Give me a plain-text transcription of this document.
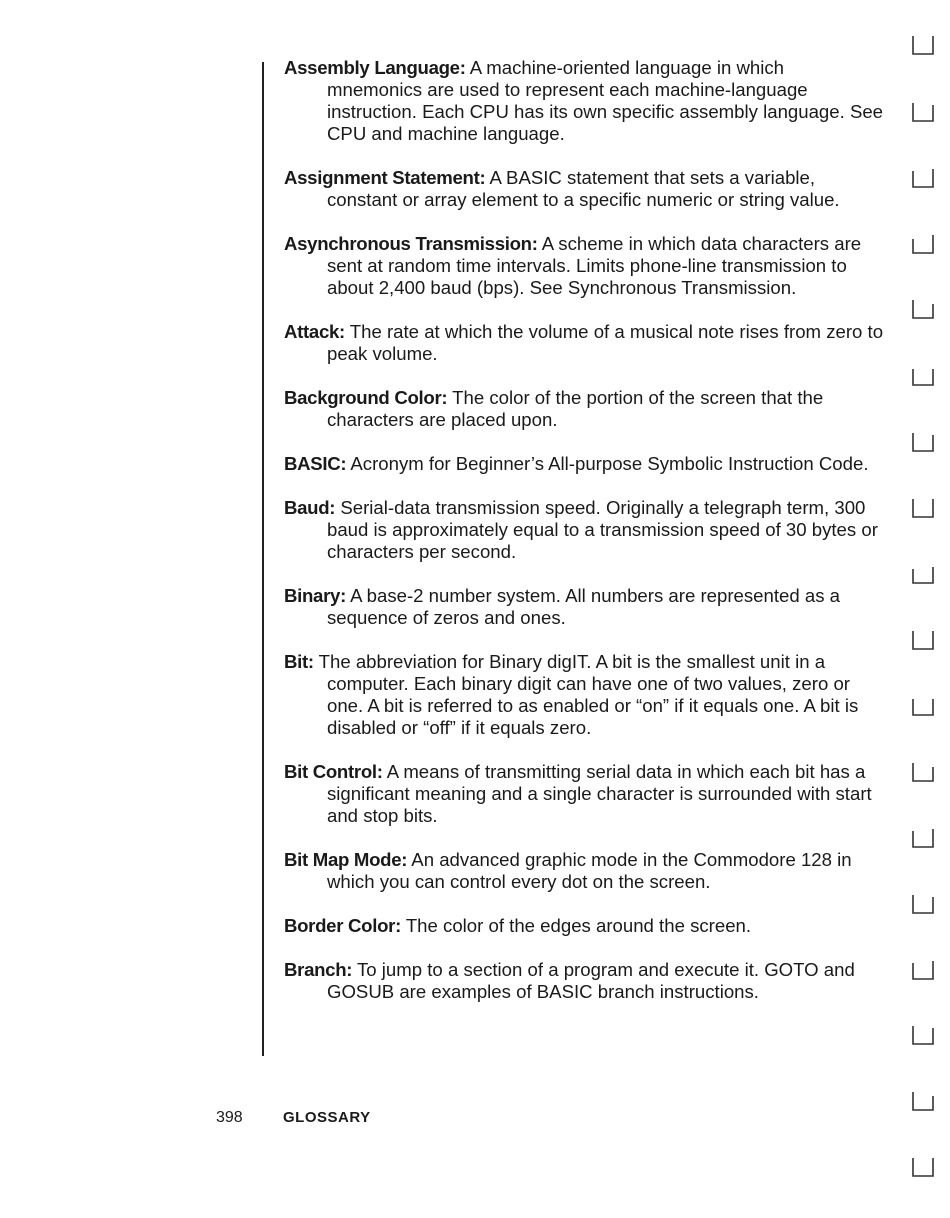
Assembly Language: A machine-oriented language in which mnemonics are used to represent each machine-language instruction. Each CPU has its own specific assembly language. See CPU and machine language.

Assignment Statement: A BASIC statement that sets a variable, constant or array element to a specific numeric or string value.

Asynchronous Transmission: A scheme in which data characters are sent at random time intervals. Limits phone-line transmission to about 2,400 baud (bps). See Synchronous Transmission.

Attack: The rate at which the volume of a musical note rises from zero to peak volume.

Background Color: The color of the portion of the screen that the characters are placed upon.

BASIC: Acronym for Beginner’s All-purpose Symbolic Instruction Code.

Baud: Serial-data transmission speed. Originally a telegraph term, 300 baud is approximately equal to a transmission speed of 30 bytes or characters per second.

Binary: A base-2 number system. All numbers are represented as a sequence of zeros and ones.

Bit: The abbreviation for Binary digIT. A bit is the smallest unit in a computer. Each binary digit can have one of two values, zero or one. A bit is referred to as enabled or “on” if it equals one. A bit is disabled or “off” if it equals zero.

Bit Control: A means of transmitting serial data in which each bit has a significant meaning and a single character is surrounded with start and stop bits.

Bit Map Mode: An advanced graphic mode in the Commodore 128 in which you can control every dot on the screen.

Border Color: The color of the edges around the screen.

Branch: To jump to a section of a program and execute it. GOTO and GOSUB are examples of BASIC branch instructions.

398	GLOSSARY
